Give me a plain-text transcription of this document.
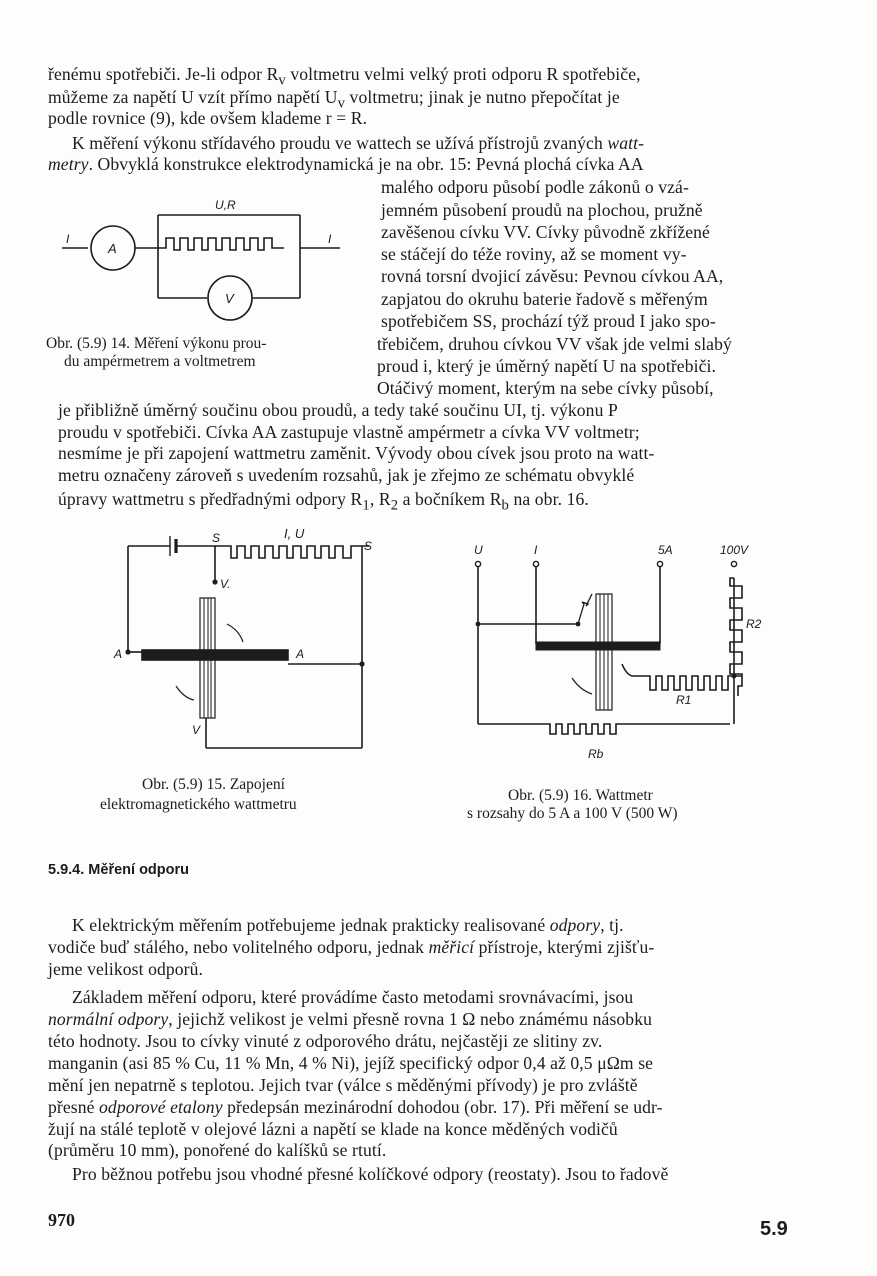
řenému spotřebiči. Je-li odpor $R_v$ voltmetru velmi velký proti odporu R spotřebiče,
můžeme za napětí U vzít přímo napětí $U_v$ voltmetru; jinak je nutno přepočítat je
podle rovnice (9), kde ovšem klademe r = R.
K měření výkonu střídavého proudu ve wattech se užívá přístrojů zvaných watt-
metry. Obvyklá konstrukce elektrodynamická je na obr. 15: Pevná plochá cívka AA
malého odporu působí podle zákonů o vzá-
jemném působení proudů na plochou, pružně
zavěšenou cívku VV. Cívky původně zkřížené
se stáčejí do téže roviny, až se moment vy-
rovná torsní dvojicí závěsu: Pevnou cívkou AA,
zapjatou do okruhu baterie řadově s měřeným
spotřebičem SS, prochází týž proud I jako spo-
třebičem, druhou cívkou VV však jde velmi slabý
proud i, který je úměrný napětí U na spotřebiči.
Otáčivý moment, kterým na sebe cívky působí,
U,R
I	I
A
V
Obr. (5.9) 14. Měření výkonu prou-
du ampérmetrem a voltmetrem
je přibližně úměrný součinu obou proudů, a tedy také součinu UI, tj. výkonu P
proudu v spotřebiči. Cívka AA zastupuje vlastně ampérmetr a cívka VV voltmetr;
nesmíme je při zapojení wattmetru zaměnit. Vývody obou cívek jsou proto na watt-
metru označeny zároveň s uvedením rozsahů, jak je zřejmo ze schématu obvyklé
úpravy wattmetru s předřadnými odpory $R_1$, $R_2$ a bočníkem $R_b$ na obr. 16.
I, U
S
S
V.
A	A
V
Obr. (5.9) 15. Zapojení
elektromagnetického wattmetru
U	I	5A	100V
R2
R1
Rb
Obr. (5.9) 16. Wattmetr
s rozsahy do 5 A a 100 V (500 W)
5.9.4. Měření odporu
K elektrickým měřením potřebujeme jednak prakticky realisované odpory, tj.
vodiče buď stálého, nebo volitelného odporu, jednak měřicí přístroje, kterými zjišťu-
jeme velikost odporů.
Základem měření odporu, které provádíme často metodami srovnávacími, jsou
normální odpory, jejichž velikost je velmi přesně rovna 1 Ω nebo známému násobku
této hodnoty. Jsou to cívky vinuté z odporového drátu, nejčastěji ze slitiny zv.
manganin (asi 85 % Cu, 11 % Mn, 4 % Ni), jejíž specifický odpor 0,4 až 0,5 μΩm se
mění jen nepatrně s teplotou. Jejich tvar (válce s měděnými přívody) je pro zvláště
přesné odporové etalony předepsán mezinárodní dohodou (obr. 17). Při měření se udr-
žují na stálé teplotě v olejové lázni a napětí se klade na konce měděných vodičů
(průměru 10 mm), ponořené do kalíšků se rtutí.
Pro běžnou potřebu jsou vhodné přesné kolíčkové odpory (reostaty). Jsou to řadově
970	5.9
